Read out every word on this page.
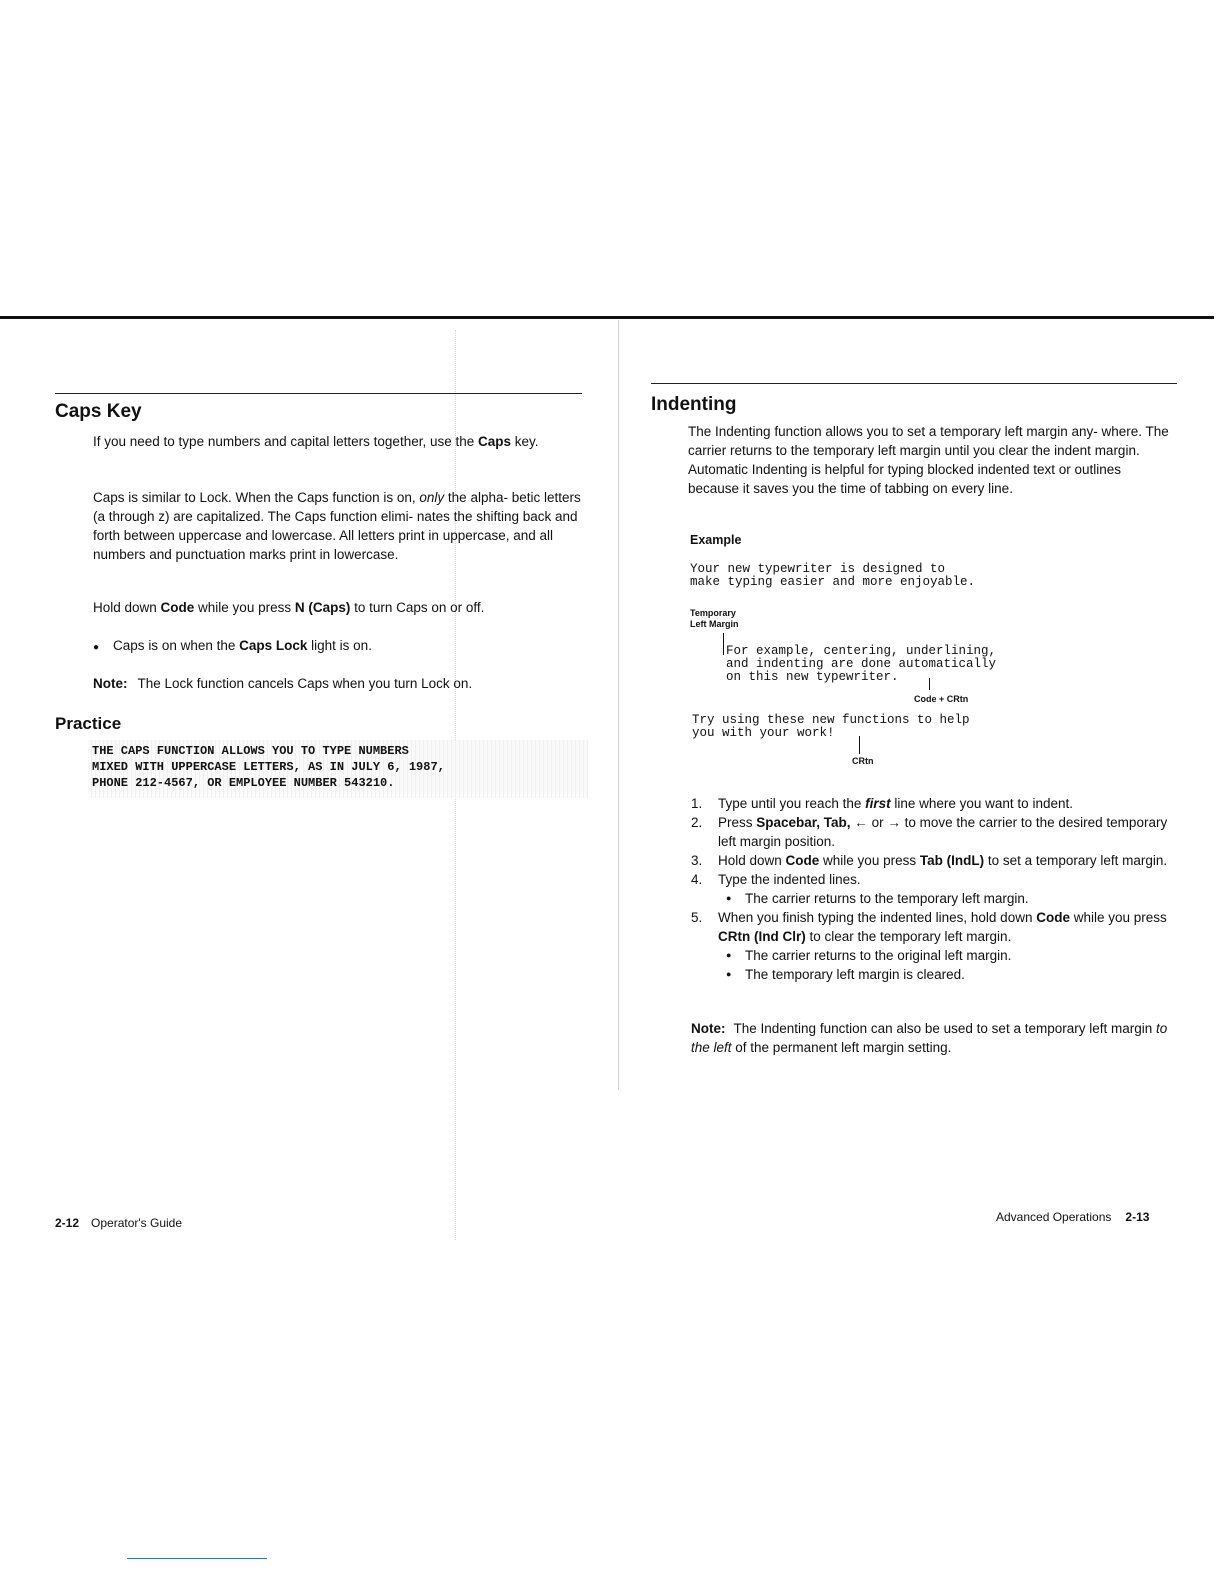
Caps Key
If you need to type numbers and capital letters together, use the Caps key.
Caps is similar to Lock. When the Caps function is on, only the alpha- betic letters (a through z) are capitalized. The Caps function elimi- nates the shifting back and forth between uppercase and lowercase. All letters print in uppercase, and all numbers and punctuation marks print in lowercase.
Hold down Code while you press N (Caps) to turn Caps on or off.
● Caps is on when the Caps Lock light is on.
Note: The Lock function cancels Caps when you turn Lock on.
Practice
THE CAPS FUNCTION ALLOWS YOU TO TYPE NUMBERS
MIXED WITH UPPERCASE LETTERS, AS IN JULY 6, 1987,
PHONE 212-4567, OR EMPLOYEE NUMBER 543210.
2-12 Operator's Guide
Indenting
The Indenting function allows you to set a temporary left margin any- where. The carrier returns to the temporary left margin until you clear the indent margin. Automatic Indenting is helpful for typing blocked indented text or outlines because it saves you the time of tabbing on every line.
Example
Your new typewriter is designed to
make typing easier and more enjoyable.
Temporary
Left Margin
For example, centering, underlining,
and indenting are done automatically
on this new typewriter.
Code + CRtn
Try using these new functions to help
you with your work!
CRtn
1. Type until you reach the first line where you want to indent.
2. Press Spacebar, Tab, ← or → to move the carrier to the desired temporary left margin position.
3. Hold down Code while you press Tab (IndL) to set a temporary left margin.
4. Type the indented lines.
● The carrier returns to the temporary left margin.
5. When you finish typing the indented lines, hold down Code while you press CRtn (Ind Clr) to clear the temporary left margin.
● The carrier returns to the original left margin.
● The temporary left margin is cleared.
Note: The Indenting function can also be used to set a temporary left margin to the left of the permanent left margin setting.
Advanced Operations 2-13
